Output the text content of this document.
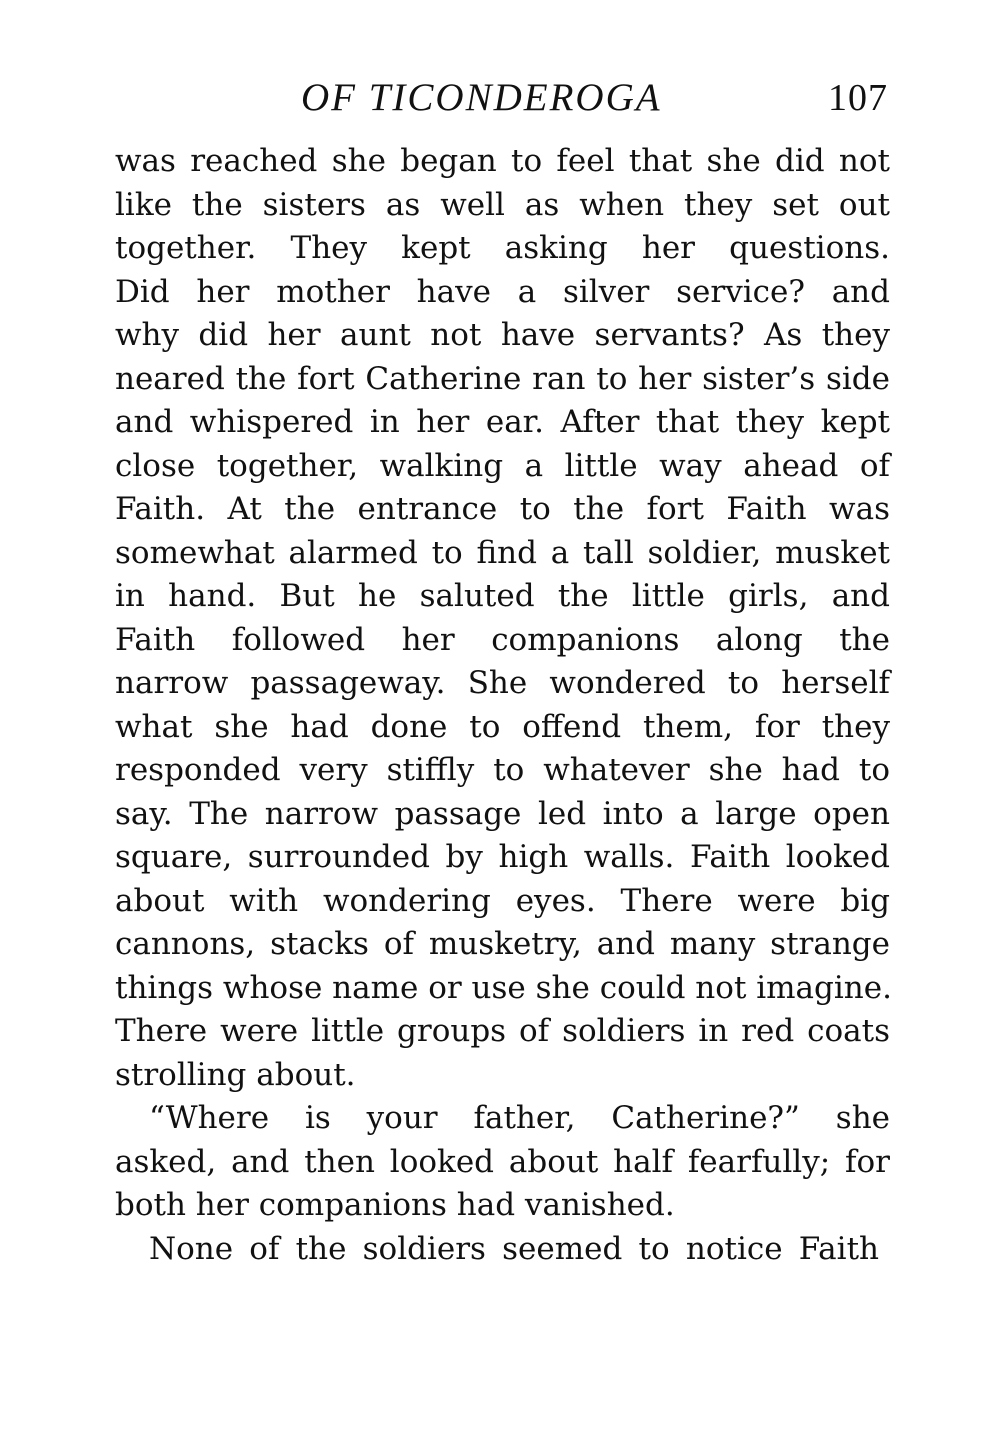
OF TICONDEROGA	107
was reached she began to feel that she did not
like the sisters as well as when they set out
together. They kept asking her questions.
Did her mother have a silver service? and
why did her aunt not have servants? As they
neared the fort Catherine ran to her sister’s side
and whispered in her ear. After that they kept
close together, walking a little way ahead of
Faith. At the entrance to the fort Faith was
somewhat alarmed to find a tall soldier, musket
in hand. But he saluted the little girls, and
Faith followed her companions along the
narrow passageway. She wondered to herself
what she had done to offend them, for they
responded very stiffly to whatever she had to
say. The narrow passage led into a large open
square, surrounded by high walls. Faith looked
about with wondering eyes. There were big
cannons, stacks of musketry, and many strange
things whose name or use she could not imagine.
There were little groups of soldiers in red coats
strolling about.
“Where is your father, Catherine?” she
asked, and then looked about half fearfully; for
both her companions had vanished.
None of the soldiers seemed to notice Faith
